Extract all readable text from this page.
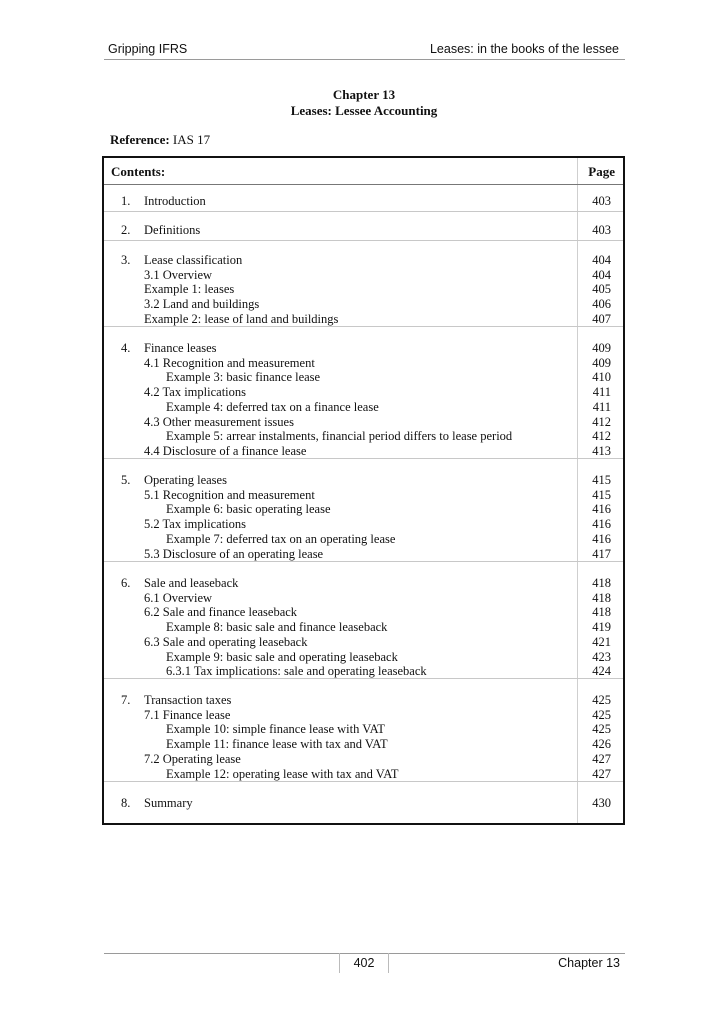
Gripping IFRS	Leases: in the books of the lessee
Chapter 13
Leases: Lessee Accounting
Reference: IAS 17
Contents:	Page
1. Introduction	403
2. Definitions	403
3. Lease classification	404
3.1 Overview	404
Example 1: leases	405
3.2 Land and buildings	406
Example 2: lease of land and buildings	407
4. Finance leases	409
4.1 Recognition and measurement	409
Example 3: basic finance lease	410
4.2 Tax implications	411
Example 4: deferred tax on a finance lease	411
4.3 Other measurement issues	412
Example 5: arrear instalments, financial period differs to lease period	412
4.4 Disclosure of a finance lease	413
5. Operating leases	415
5.1 Recognition and measurement	415
Example 6: basic operating lease	416
5.2 Tax implications	416
Example 7: deferred tax on an operating lease	416
5.3 Disclosure of an operating lease	417
6. Sale and leaseback	418
6.1 Overview	418
6.2 Sale and finance leaseback	418
Example 8: basic sale and finance leaseback	419
6.3 Sale and operating leaseback	421
Example 9: basic sale and operating leaseback	423
6.3.1 Tax implications: sale and operating leaseback	424
7. Transaction taxes	425
7.1 Finance lease	425
Example 10: simple finance lease with VAT	425
Example 11: finance lease with tax and VAT	426
7.2 Operating lease	427
Example 12: operating lease with tax and VAT	427
8. Summary	430
402	Chapter 13
